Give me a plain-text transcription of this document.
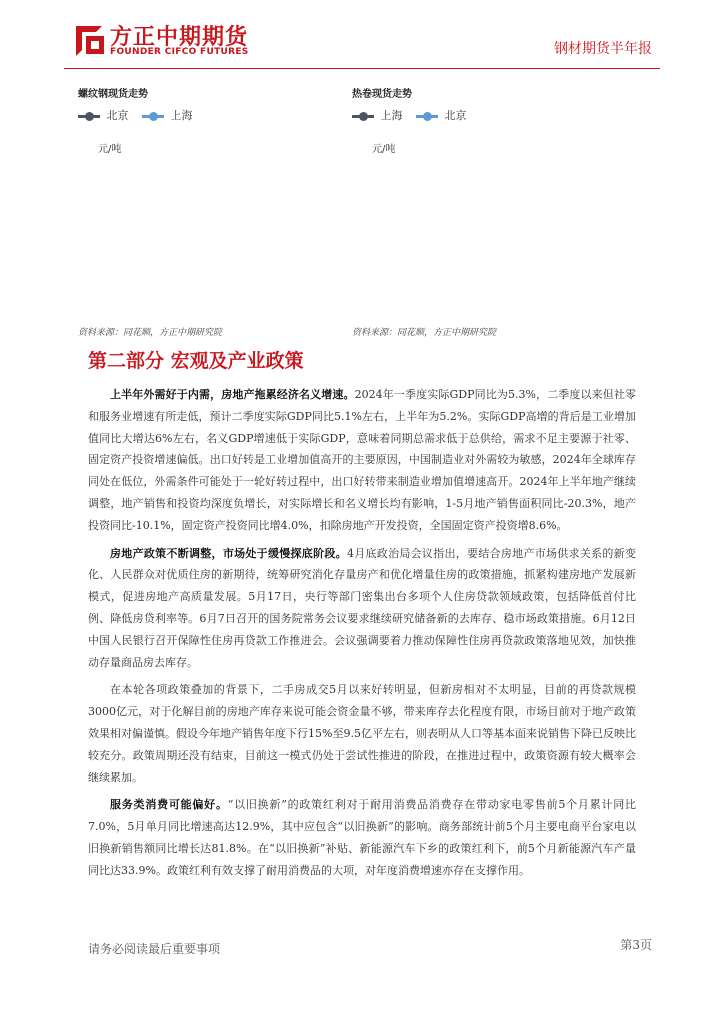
方正中期期货
FOUNDER CIFCO FUTURES	钢材期货半年报
螺纹钢现货走势
北京	上海
元/吨
资料来源：同花顺，方正中期研究院
热卷现货走势
上海	北京
元/吨
资料来源：同花顺，方正中期研究院
第二部分 宏观及产业政策

上半年外需好于内需，房地产拖累经济名义增速。2024年一季度实际GDP同比为5.3%，二季度以来但社零和服务业增速有所走低，预计二季度实际GDP同比5.1%左右，上半年为5.2%。实际GDP高增的背后是工业增加值同比大增达6%左右，名义GDP增速低于实际GDP，意味着同期总需求低于总供给，需求不足主要源于社零、固定资产投资增速偏低。出口好转是工业增加值高开的主要原因，中国制造业对外需较为敏感，2024年全球库存同处在低位，外需条件可能处于一轮好转过程中，出口好转带来制造业增加值增速高开。2024年上半年地产继续调整，地产销售和投资均深度负增长，对实际增长和名义增长均有影响，1-5月地产销售面积同比-20.3%，地产投资同比-10.1%，固定资产投资同比增4.0%，扣除房地产开发投资，全国固定资产投资增8.6%。

房地产政策不断调整，市场处于缓慢探底阶段。4月底政治局会议指出，要结合房地产市场供求关系的新变化、人民群众对优质住房的新期待，统筹研究消化存量房产和优化增量住房的政策措施，抓紧构建房地产发展新模式，促进房地产高质量发展。5月17日，央行等部门密集出台多项个人住房贷款领域政策，包括降低首付比例、降低房贷利率等。6月7日召开的国务院常务会议要求继续研究储备新的去库存、稳市场政策措施。6月12日中国人民银行召开保障性住房再贷款工作推进会。会议强调要着力推动保障性住房再贷款政策落地见效，加快推动存量商品房去库存。

在本轮各项政策叠加的背景下，二手房成交5月以来好转明显，但新房相对不太明显，目前的再贷款规模3000亿元，对于化解目前的房地产库存来说可能会资金量不够，带来库存去化程度有限，市场目前对于地产政策效果相对偏谨慎。假设今年地产销售年度下行15%至9.5亿平左右，则表明从人口等基本面来说销售下降已反映比较充分。政策周期还没有结束，目前这一模式仍处于尝试性推进的阶段，在推进过程中，政策资源有较大概率会继续累加。

服务类消费可能偏好。“以旧换新”的政策红利对于耐用消费品消费存在带动家电零售前5个月累计同比7.0%，5月单月同比增速高达12.9%，其中应包含“以旧换新”的影响。商务部统计前5个月主要电商平台家电以旧换新销售额同比增长达81.8%。在“以旧换新”补贴、新能源汽车下乡的政策红利下，前5个月新能源汽车产量同比达33.9%。政策红利有效支撑了耐用消费品的大项，对年度消费增速亦存在支撑作用。

请务必阅读最后重要事项	第3页
